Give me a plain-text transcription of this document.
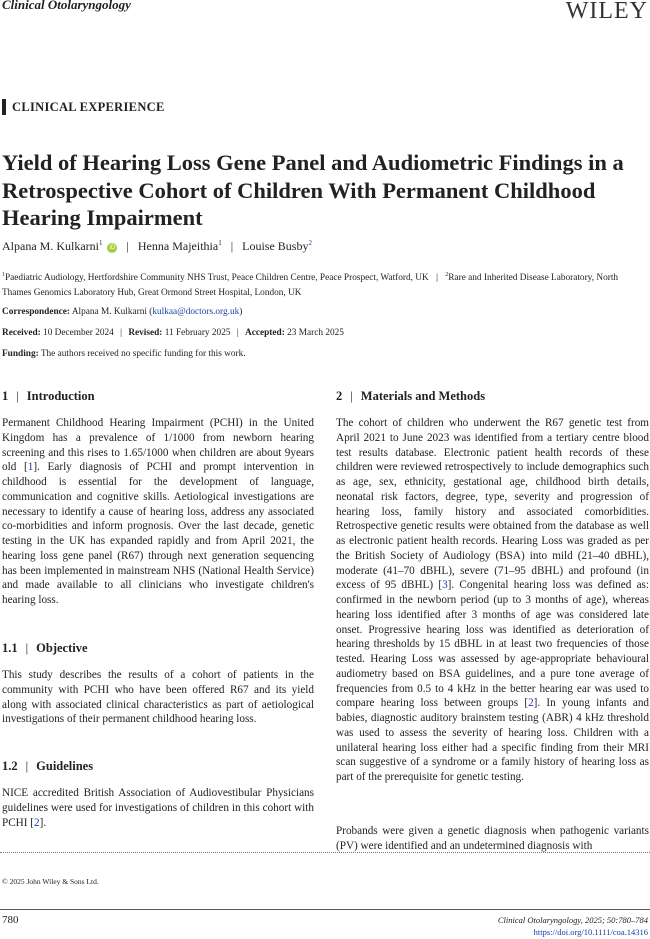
Clinical Otolaryngology	WILEY
CLINICAL EXPERIENCE
Yield of Hearing Loss Gene Panel and Audiometric Findings in a Retrospective Cohort of Children With Permanent Childhood Hearing Impairment
Alpana M. Kulkarni$^1$ iD | Henna Majeithia$^1$ | Louise Busby$^2$
$^1$Paediatric Audiology, Hertfordshire Community NHS Trust, Peace Children Centre, Peace Prospect, Watford, UK | $^2$Rare and Inherited Disease Laboratory, North Thames Genomics Laboratory Hub, Great Ormond Street Hospital, London, UK
Correspondence: Alpana M. Kulkarni (kulkaa@doctors.org.uk)
Received: 10 December 2024 | Revised: 11 February 2025 | Accepted: 23 March 2025
Funding: The authors received no specific funding for this work.
1 | Introduction

Permanent Childhood Hearing Impairment (PCHI) in the United Kingdom has a prevalence of 1/1000 from newborn hearing screening and this rises to 1.65/1000 when children are about 9years old [1]. Early diagnosis of PCHI and prompt intervention in childhood is essential for the development of language, communication and cognitive skills. Aetiological investigations are necessary to identify a cause of hearing loss, address any associated co-morbidities and inform prognosis. Over the last decade, genetic testing in the UK has expanded rapidly and from April 2021, the hearing loss gene panel (R67) through next generation sequencing has been implemented in mainstream NHS (National Health Service) and made available to all clinicians who investigate children's hearing loss.

1.1 | Objective

This study describes the results of a cohort of patients in the community with PCHI who have been offered R67 and its yield along with associated clinical characteristics as part of aetiological investigations of their permanent childhood hearing loss.

1.2 | Guidelines

NICE accredited British Association of Audiovestibular Physicians guidelines were used for investigations of children in this cohort with PCHI [2].

2 | Materials and Methods

The cohort of children who underwent the R67 genetic test from April 2021 to June 2023 was identified from a tertiary centre blood test results database. Electronic patient health records of these children were reviewed retrospectively to include demographics such as age, sex, ethnicity, gestational age, childhood birth details, neonatal risk factors, degree, type, severity and progression of hearing loss, family history and associated comorbidities. Retrospective genetic results were obtained from the database as well as electronic patient health records. Hearing Loss was graded as per the British Society of Audiology (BSA) into mild (21–40 dBHL), moderate (41–70 dBHL), severe (71–95 dBHL) and profound (in excess of 95 dBHL) [3]. Congenital hearing loss was defined as: confirmed in the newborn period (up to 3 months of age), whereas hearing loss identified after 3 months of age was considered late onset. Progressive hearing loss was identified as deterioration of hearing thresholds by 15 dBHL in at least two frequencies of those tested. Hearing Loss was assessed by age-appropriate behavioural audiometry based on BSA guidelines, and a pure tone average of frequencies from 0.5 to 4 kHz in the better hearing ear was used to compare hearing loss between groups [2]. In young infants and babies, diagnostic auditory brainstem testing (ABR) 4 kHz threshold was used to assess the severity of hearing loss. Children with a unilateral hearing loss either had a specific finding from their MRI scan suggestive of a syndrome or a family history of hearing loss as part of the prerequisite for genetic testing.

Probands were given a genetic diagnosis when pathogenic variants (PV) were identified and an undetermined diagnosis with

© 2025 John Wiley & Sons Ltd.
780	Clinical Otolaryngology, 2025; 50:780–784
https://doi.org/10.1111/coa.14316
